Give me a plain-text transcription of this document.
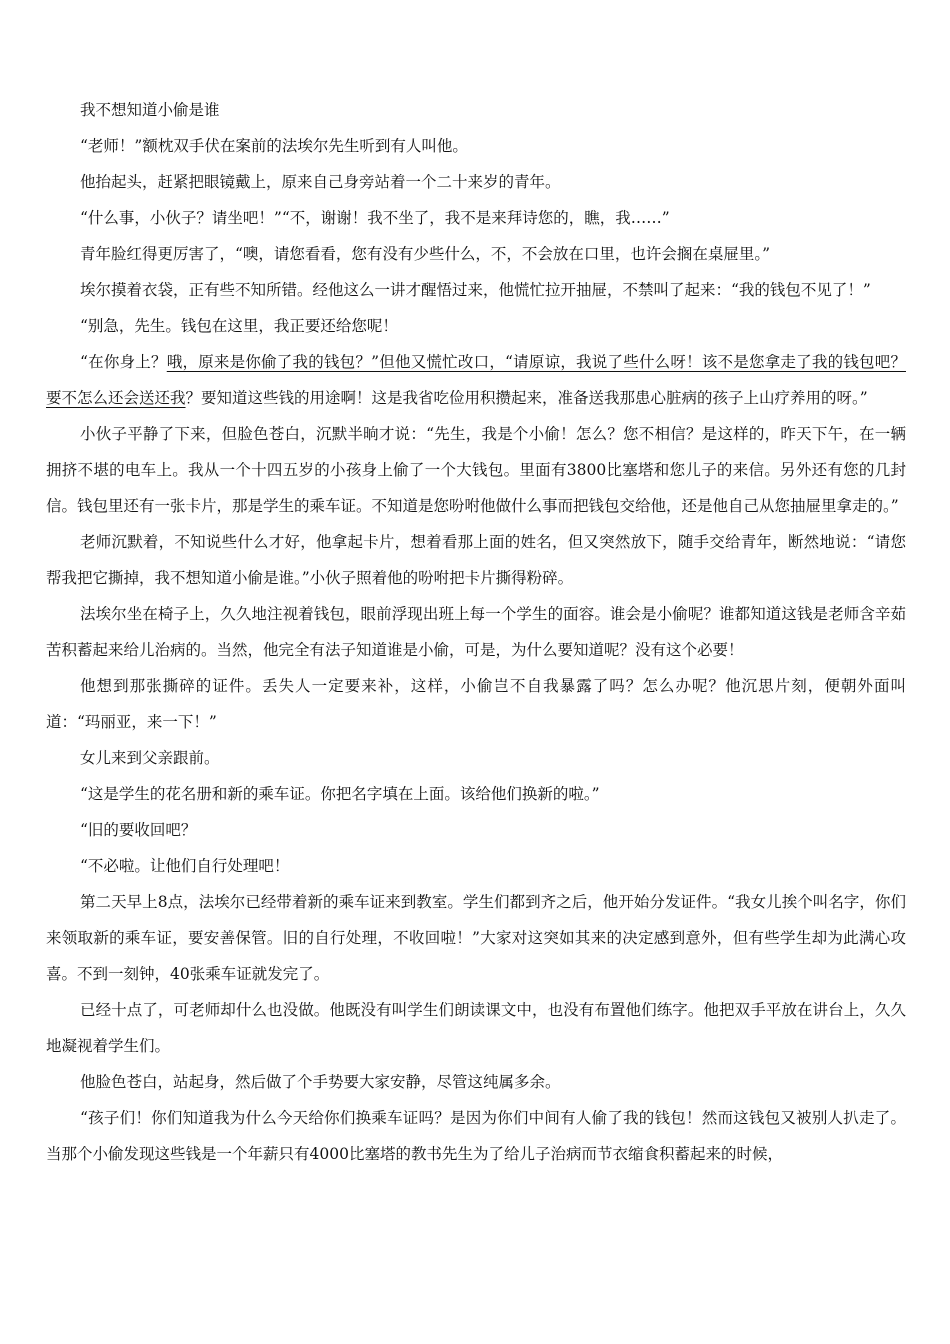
我不想知道小偷是谁

“老师！”额枕双手伏在案前的法埃尔先生听到有人叫他。

他抬起头，赶紧把眼镜戴上，原来自己身旁站着一个二十来岁的青年。

“什么事，小伙子？请坐吧！”“不，谢谢！我不坐了，我不是来拜诗您的，瞧，我……”

青年脸红得更厉害了，“噢，请您看看，您有没有少些什么，不，不会放在口里，也许会搁在桌屉里。”

埃尔摸着衣袋，正有些不知所错。经他这么一讲才醒悟过来，他慌忙拉开抽屉，不禁叫了起来：“我的钱包不见了！”

“别急，先生。钱包在这里，我正要还给您呢！

“在你身上？哦，原来是你偷了我的钱包？”但他又慌忙改口，“请原谅，我说了些什么呀！该不是您拿走了我的钱包吧？要不怎么还会送还我？要知道这些钱的用途啊！这是我省吃俭用积攒起来，准备送我那患心脏病的孩子上山疗养用的呀。”

小伙子平静了下来，但脸色苍白，沉默半晌才说：“先生，我是个小偷！怎么？您不相信？是这样的，昨天下午，在一辆拥挤不堪的电车上。我从一个十四五岁的小孩身上偷了一个大钱包。里面有3800比塞塔和您儿子的来信。另外还有您的几封信。钱包里还有一张卡片，那是学生的乘车证。不知道是您吩咐他做什么事而把钱包交给他，还是他自己从您抽屉里拿走的。”

老师沉默着，不知说些什么才好，他拿起卡片，想着看那上面的姓名，但又突然放下，随手交给青年，断然地说：“请您帮我把它撕掉，我不想知道小偷是谁。”小伙子照着他的吩咐把卡片撕得粉碎。

法埃尔坐在椅子上，久久地注视着钱包，眼前浮现出班上每一个学生的面容。谁会是小偷呢？谁都知道这钱是老师含辛茹苦积蓄起来给儿治病的。当然，他完全有法子知道谁是小偷，可是，为什么要知道呢？没有这个必要！

他想到那张撕碎的证件。丢失人一定要来补，这样，小偷岂不自我暴露了吗？怎么办呢？他沉思片刻，便朝外面叫道：“玛丽亚，来一下！”

女儿来到父亲跟前。

“这是学生的花名册和新的乘车证。你把名字填在上面。该给他们换新的啦。”

“旧的要收回吧？

“不必啦。让他们自行处理吧！

第二天早上8点，法埃尔已经带着新的乘车证来到教室。学生们都到齐之后，他开始分发证件。“我女儿挨个叫名字，你们来领取新的乘车证，要安善保管。旧的自行处理，不收回啦！”大家对这突如其来的决定感到意外，但有些学生却为此满心攻喜。不到一刻钟，40张乘车证就发完了。

已经十点了，可老师却什么也没做。他既没有叫学生们朗读课文中，也没有布置他们练字。他把双手平放在讲台上，久久地凝视着学生们。

他脸色苍白，站起身，然后做了个手势要大家安静，尽管这纯属多余。

“孩子们！你们知道我为什么今天给你们换乘车证吗？是因为你们中间有人偷了我的钱包！然而这钱包又被别人扒走了。当那个小偷发现这些钱是一个年薪只有4000比塞塔的教书先生为了给儿子治病而节衣缩食积蓄起来的时候，
